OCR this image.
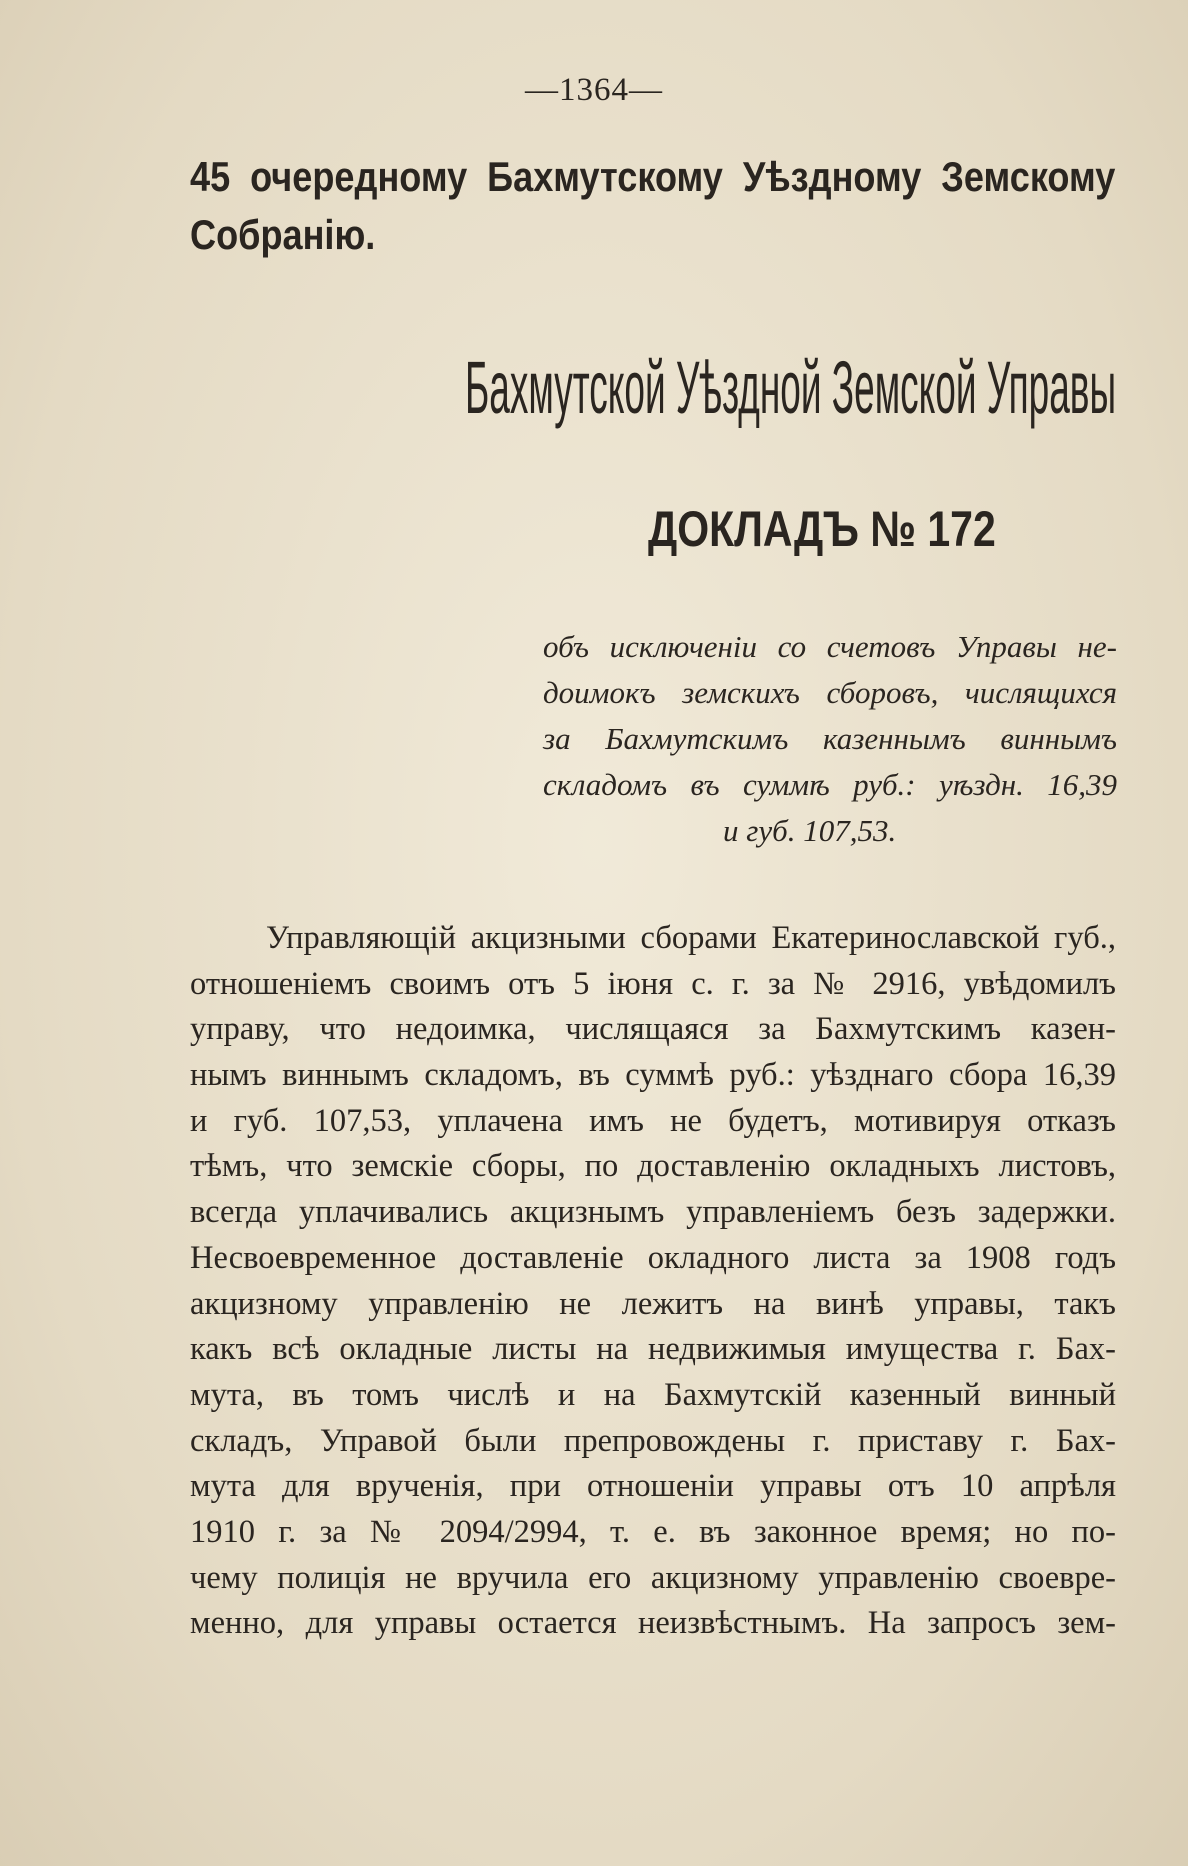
—1364—
45 очередному Бахмутскому Уѣздному Земскому Собранію.
Бахмутской Уѣздной Земской Управы
ДОКЛАДЪ № 172
объ исключеніи со счетовъ Управы не-
доимокъ земскихъ сборовъ, числящихся
за Бахмутскимъ казеннымъ виннымъ
складомъ въ суммѣ руб.: уѣздн. 16,39
и губ. 107,53.
Управляющій акцизными сборами Екатеринославской губ.,
отношеніемъ своимъ отъ 5 іюня с. г. за № 2916, увѣдомилъ
управу, что недоимка, числящаяся за Бахмутскимъ казен-
нымъ виннымъ складомъ, въ суммѣ руб.: уѣзднаго сбора 16,39
и губ. 107,53, уплачена имъ не будетъ, мотивируя отказъ
тѣмъ, что земскіе сборы, по доставленію окладныхъ листовъ,
всегда уплачивались акцизнымъ управленіемъ безъ задержки.
Несвоевременное доставленіе окладного листа за 1908 годъ
акцизному управленію не лежитъ на винѣ управы, такъ
какъ всѣ окладные листы на недвижимыя имущества г. Бах-
мута, въ томъ числѣ и на Бахмутскій казенный винный
складъ, Управой были препровождены г. приставу г. Бах-
мута для врученія, при отношеніи управы отъ 10 апрѣля
1910 г. за № 2094/2994, т. е. въ законное время; но по-
чему полиція не вручила его акцизному управленію своевре-
менно, для управы остается неизвѣстнымъ. На запросъ зем-
